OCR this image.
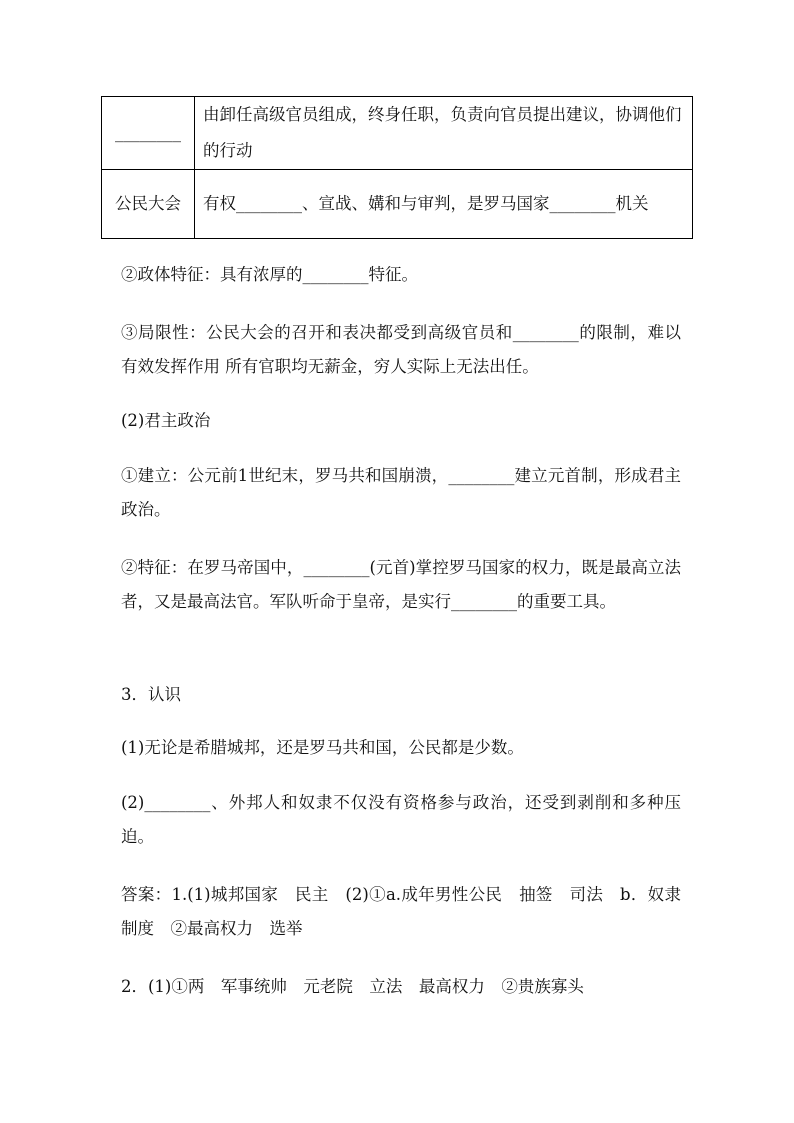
________	由卸任高级官员组成，终身任职，负责向官员提出建议，协调他们的行动
公民大会	有权________、宣战、媾和与审判，是罗马国家________机关

②政体特征：具有浓厚的________特征。

③局限性：公民大会的召开和表决都受到高级官员和________的限制，难以有效发挥作用 所有官职均无薪金，穷人实际上无法出任。

(2)君主政治

①建立：公元前1世纪末，罗马共和国崩溃，________建立元首制，形成君主政治。

②特征：在罗马帝国中，________(元首)掌控罗马国家的权力，既是最高立法者，又是最高法官。军队听命于皇帝，是实行________的重要工具。

3．认识

(1)无论是希腊城邦，还是罗马共和国，公民都是少数。

(2)________、外邦人和奴隶不仅没有资格参与政治，还受到剥削和多种压迫。

答案：1.(1)城邦国家　民主　(2)①a.成年男性公民　抽签　司法　b．奴隶制度　②最高权力　选举

2．(1)①两　军事统帅　元老院　立法　最高权力　②贵族寡头
